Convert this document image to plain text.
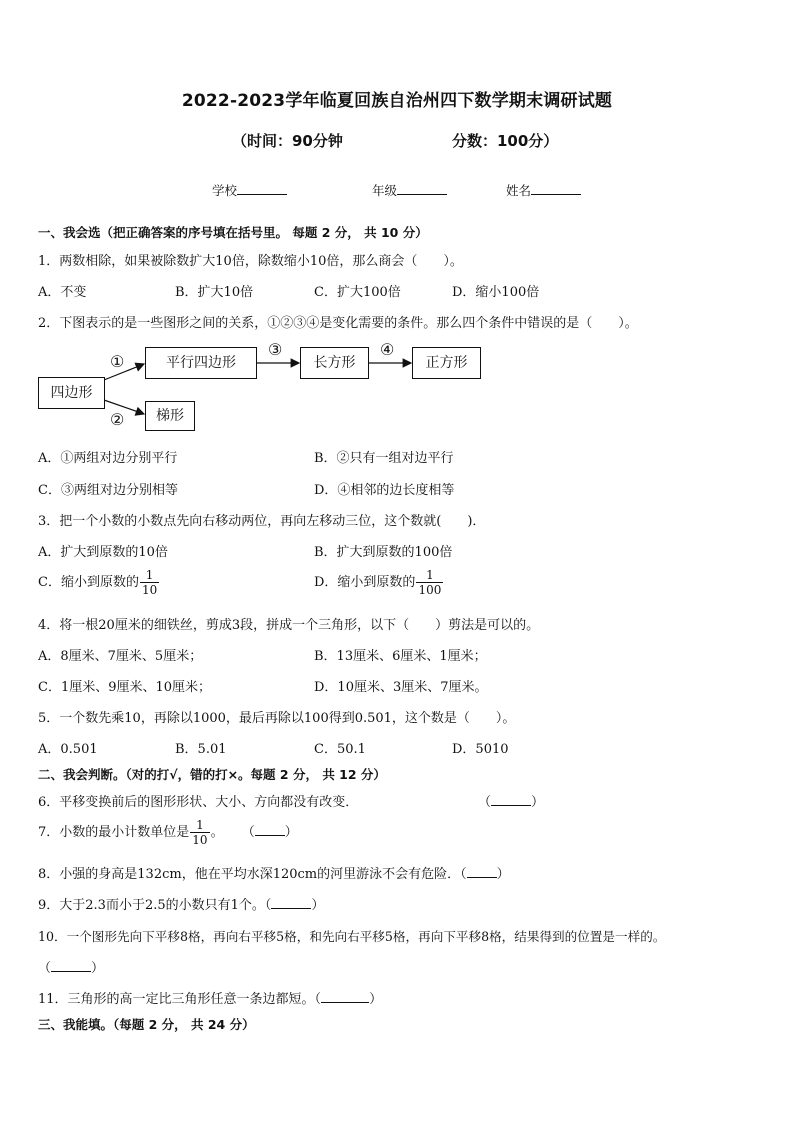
2022-2023学年临夏回族自治州四下数学期末调研试题
（时间：90分钟	分数：100分）
学校	年级	姓名
一、我会选（把正确答案的序号填在括号里。 每题 2 分， 共 10 分）
1．两数相除，如果被除数扩大10倍，除数缩小10倍，那么商会（　　）。
A．不变	B．扩大10倍	C．扩大100倍	D．缩小100倍
2．下图表示的是一些图形之间的关系，①②③④是变化需要的条件。那么四个条件中错误的是（　　）。
四边形
平行四边形	长方形	正方形
梯形
①
②
③	④
A．①两组对边分别平行	B．②只有一组对边平行
C．③两组对边分别相等	D．④相邻的边长度相等
3．把一个小数的小数点先向右移动两位，再向左移动三位，这个数就(　　)．
A．扩大到原数的10倍	B．扩大到原数的100倍
C．缩小到原数的 $\frac{1}{10}$	D．缩小到原数的 $\frac{1}{100}$
4．将一根20厘米的细铁丝，剪成3段，拼成一个三角形，以下（　　）剪法是可以的。
A．8厘米、7厘米、5厘米；	B．13厘米、6厘米、1厘米；
C．1厘米、9厘米、10厘米；	D．10厘米、3厘米、7厘米。
5．一个数先乘10，再除以1000，最后再除以100得到0.501，这个数是（　　）。
A．0.501	B．5.01	C．50.1	D．5010
二、我会判断。（对的打√，错的打×。每题 2 分， 共 12 分）
6．平移变换前后的图形形状、大小、方向都没有改变．	（	）
7．小数的最小计数单位是 $\frac{1}{10}$ 。 （ ）
8．小强的身高是132cm，他在平均水深120cm的河里游泳不会有危险．（ ）
9．大于2.3而小于2.5的小数只有1个。（	）
10．一个图形先向下平移8格，再向右平移5格，和先向右平移5格，再向下平移8格，结果得到的位置是一样的。
（	）
11．三角形的高一定比三角形任意一条边都短。（	）
三、我能填。（每题 2 分， 共 24 分）
